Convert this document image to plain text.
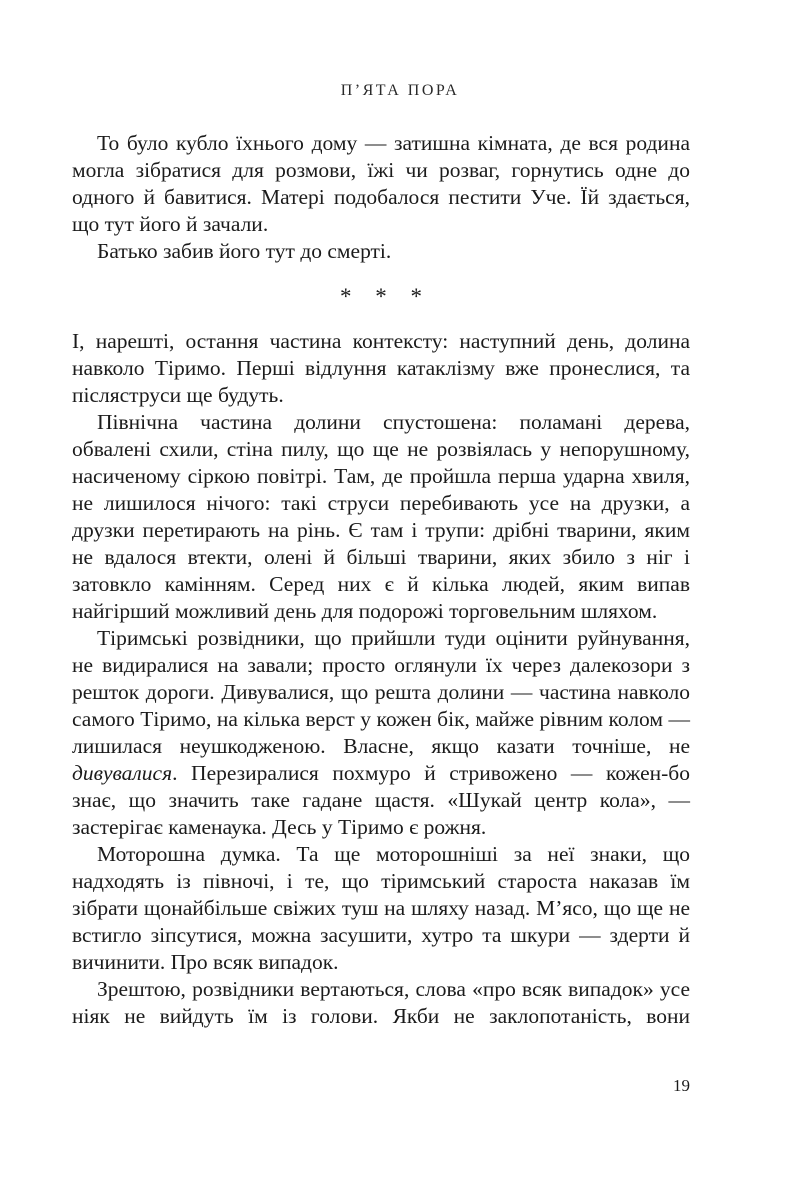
П’ЯТА ПОРА

То було кубло їхнього дому — затишна кімната, де вся родина могла зібратися для розмови, їжі чи розваг, горнутись одне до одного й бавитися. Матері подобалося пестити Уче. Їй здається, що тут його й зачали.

Батько забив його тут до смерті.

* * *

І, нарешті, остання частина контексту: наступний день, долина навколо Тіримо. Перші відлуння катаклізму вже пронеслися, та післяструси ще будуть.

Північна частина долини спустошена: поламані дерева, обвалені схили, стіна пилу, що ще не розвіялась у непорушному, насиченому сіркою повітрі. Там, де пройшла перша ударна хвиля, не лишилося нічого: такі струси перебивають усе на друзки, а друзки перетирають на рінь. Є там і трупи: дрібні тварини, яким не вдалося втекти, олені й більші тварини, яких збило з ніг і затовкло камінням. Серед них є й кілька людей, яким випав найгірший можливий день для подорожі торговельним шляхом.

Тіримські розвідники, що прийшли туди оцінити руйнування, не видиралися на завали; просто оглянули їх через далекозори з решток дороги. Дивувалися, що решта долини — частина навколо самого Тіримо, на кілька верст у кожен бік, майже рівним колом — лишилася неушкодженою. Власне, якщо казати точніше, не дивувалися. Перезиралися похмуро й стривожено — кожен-бо знає, що значить таке гадане щастя. «Шукай центр кола», — застерігає каменаука. Десь у Тіримо є рожня.

Моторошна думка. Та ще моторошніші за неї знаки, що надходять із півночі, і те, що тіримський староста наказав їм зібрати щонайбільше свіжих туш на шляху назад. М’ясо, що ще не встигло зіпсутися, можна засушити, хутро та шкури — здерти й вичинити. Про всяк випадок.

Зрештою, розвідники вертаються, слова «про всяк випадок» усе ніяк не вийдуть їм із голови. Якби не заклопотаність, вони

19
